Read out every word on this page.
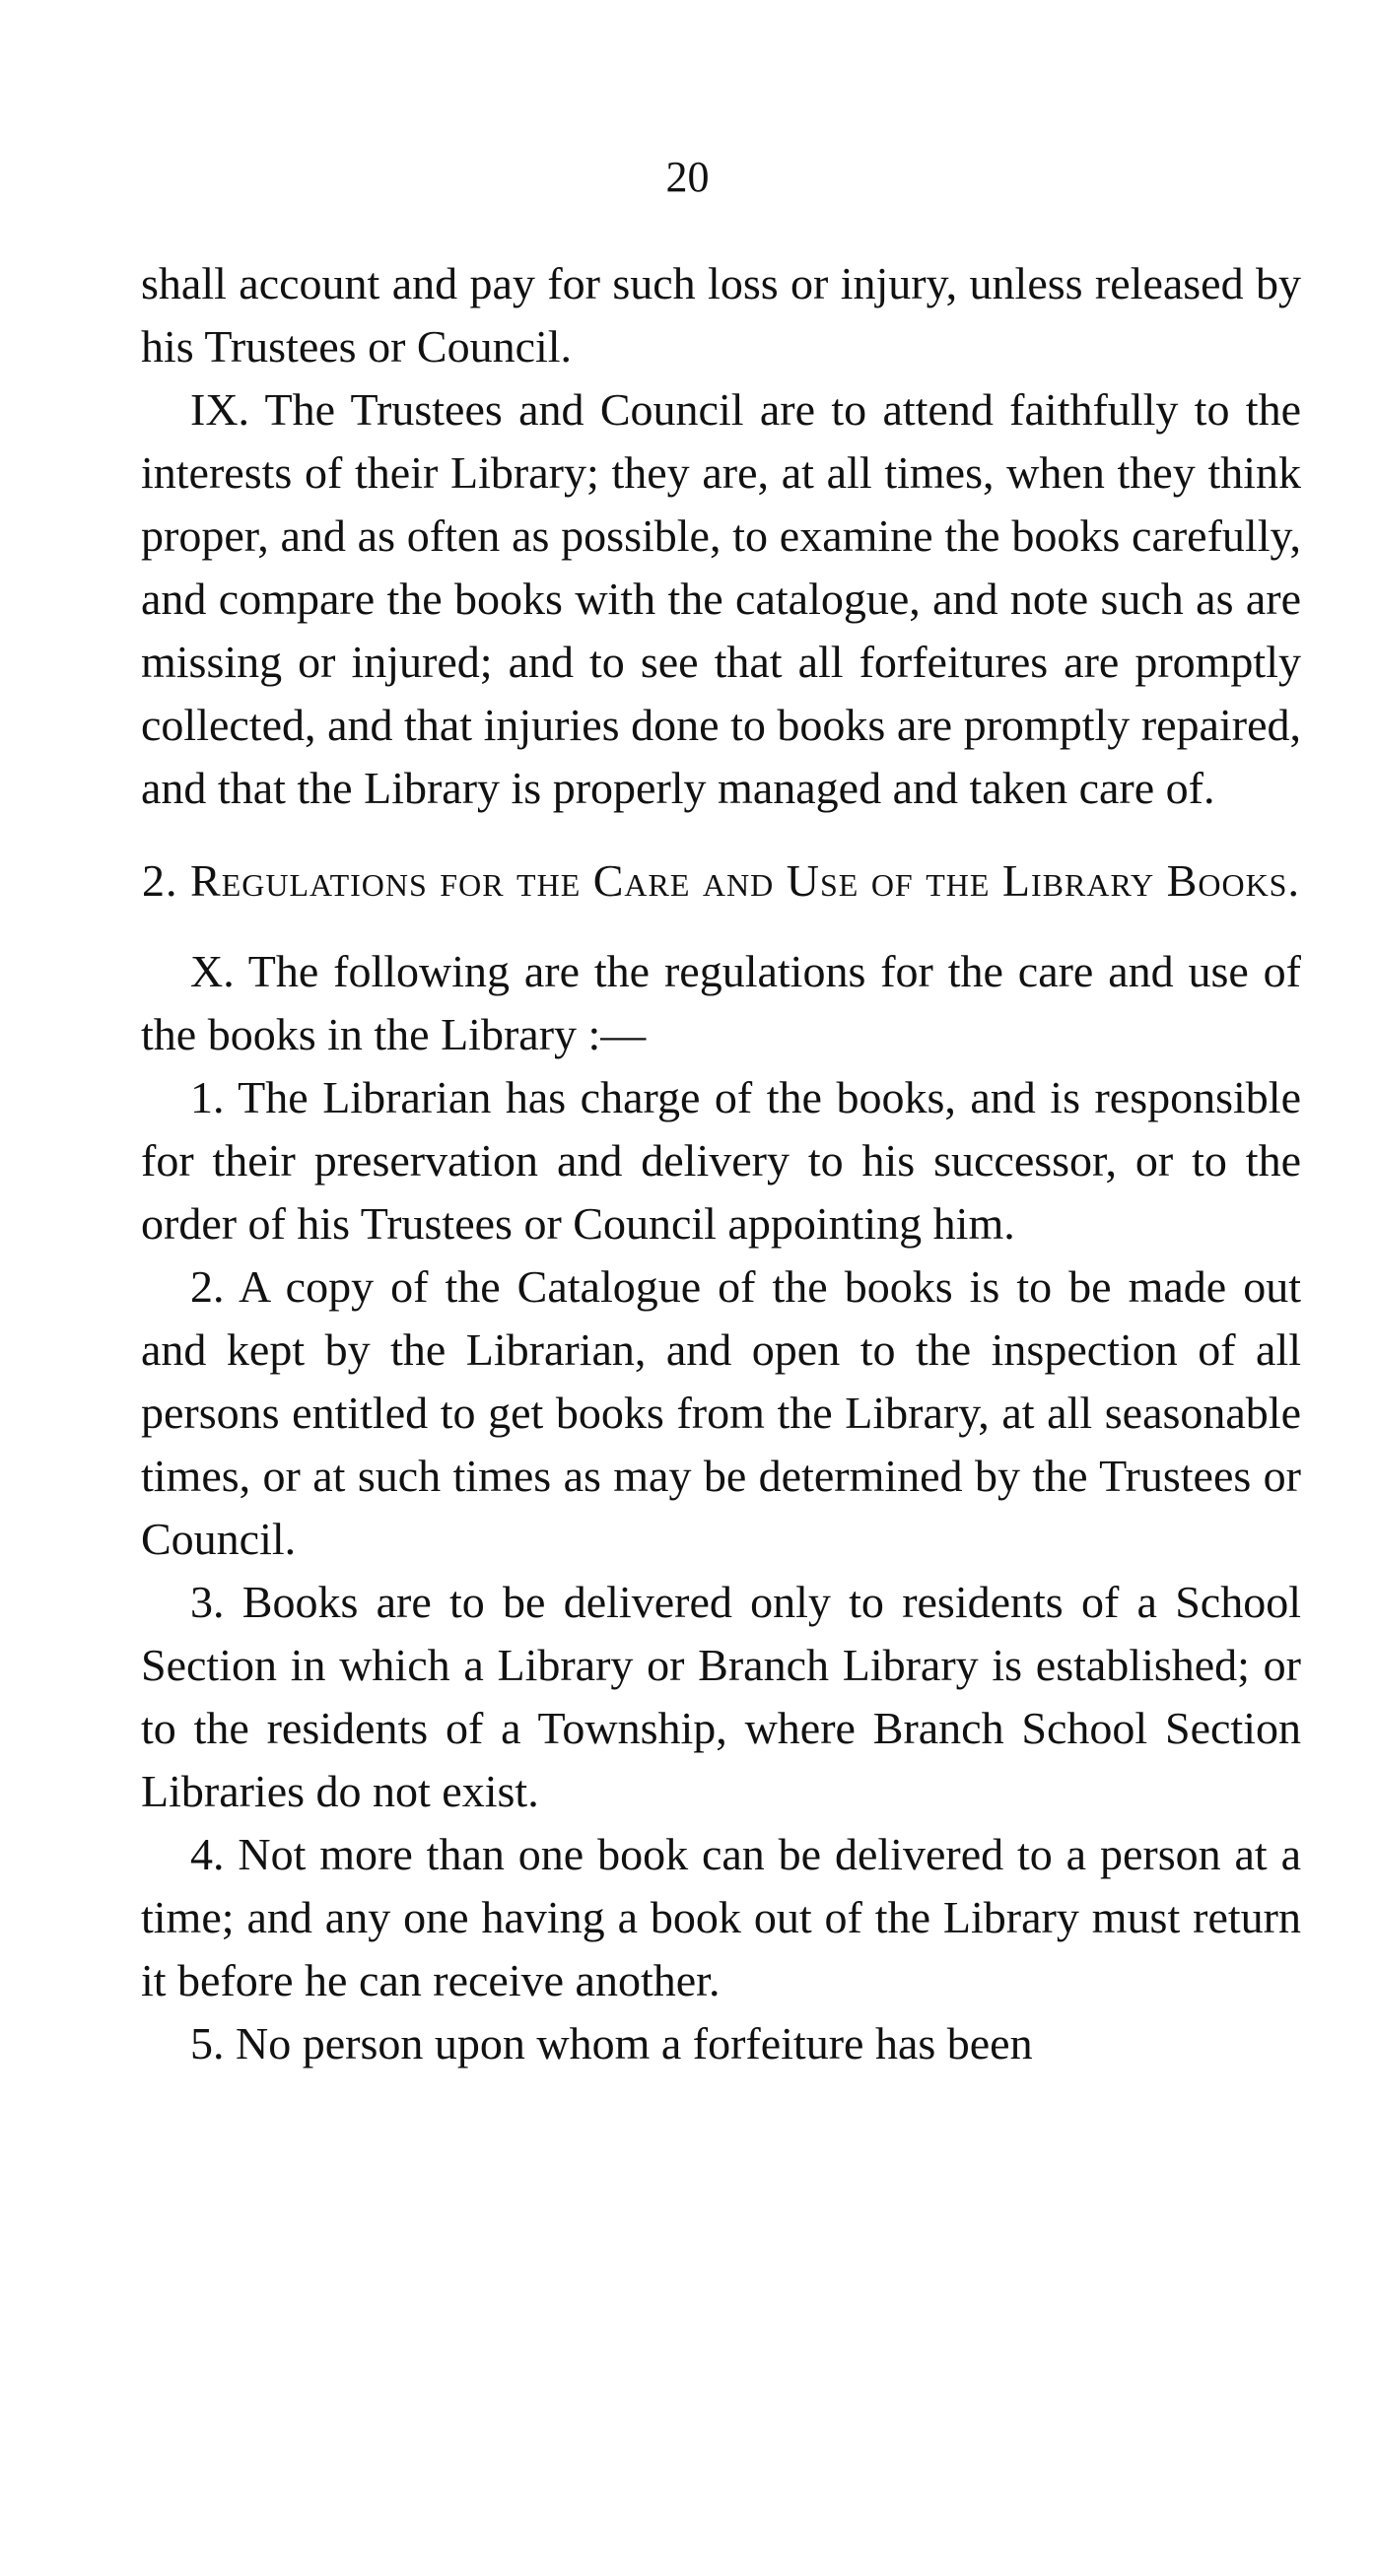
20

shall account and pay for such loss or injury, unless released by his Trustees or Council.

IX. The Trustees and Council are to attend faithfully to the interests of their Library; they are, at all times, when they think proper, and as often as possible, to examine the books carefully, and compare the books with the catalogue, and note such as are missing or injured; and to see that all forfeitures are promptly collected, and that injuries done to books are promptly repaired, and that the Library is properly managed and taken care of.

2. Regulations for the Care and Use of the Library Books.

X. The following are the regulations for the care and use of the books in the Library :—

1. The Librarian has charge of the books, and is responsible for their preservation and delivery to his successor, or to the order of his Trustees or Council appointing him.

2. A copy of the Catalogue of the books is to be made out and kept by the Librarian, and open to the inspection of all persons entitled to get books from the Library, at all seasonable times, or at such times as may be determined by the Trustees or Council.

3. Books are to be delivered only to residents of a School Section in which a Library or Branch Library is established; or to the residents of a Township, where Branch School Section Libraries do not exist.

4. Not more than one book can be delivered to a person at a time; and any one having a book out of the Library must return it before he can receive another.

5. No person upon whom a forfeiture has been
